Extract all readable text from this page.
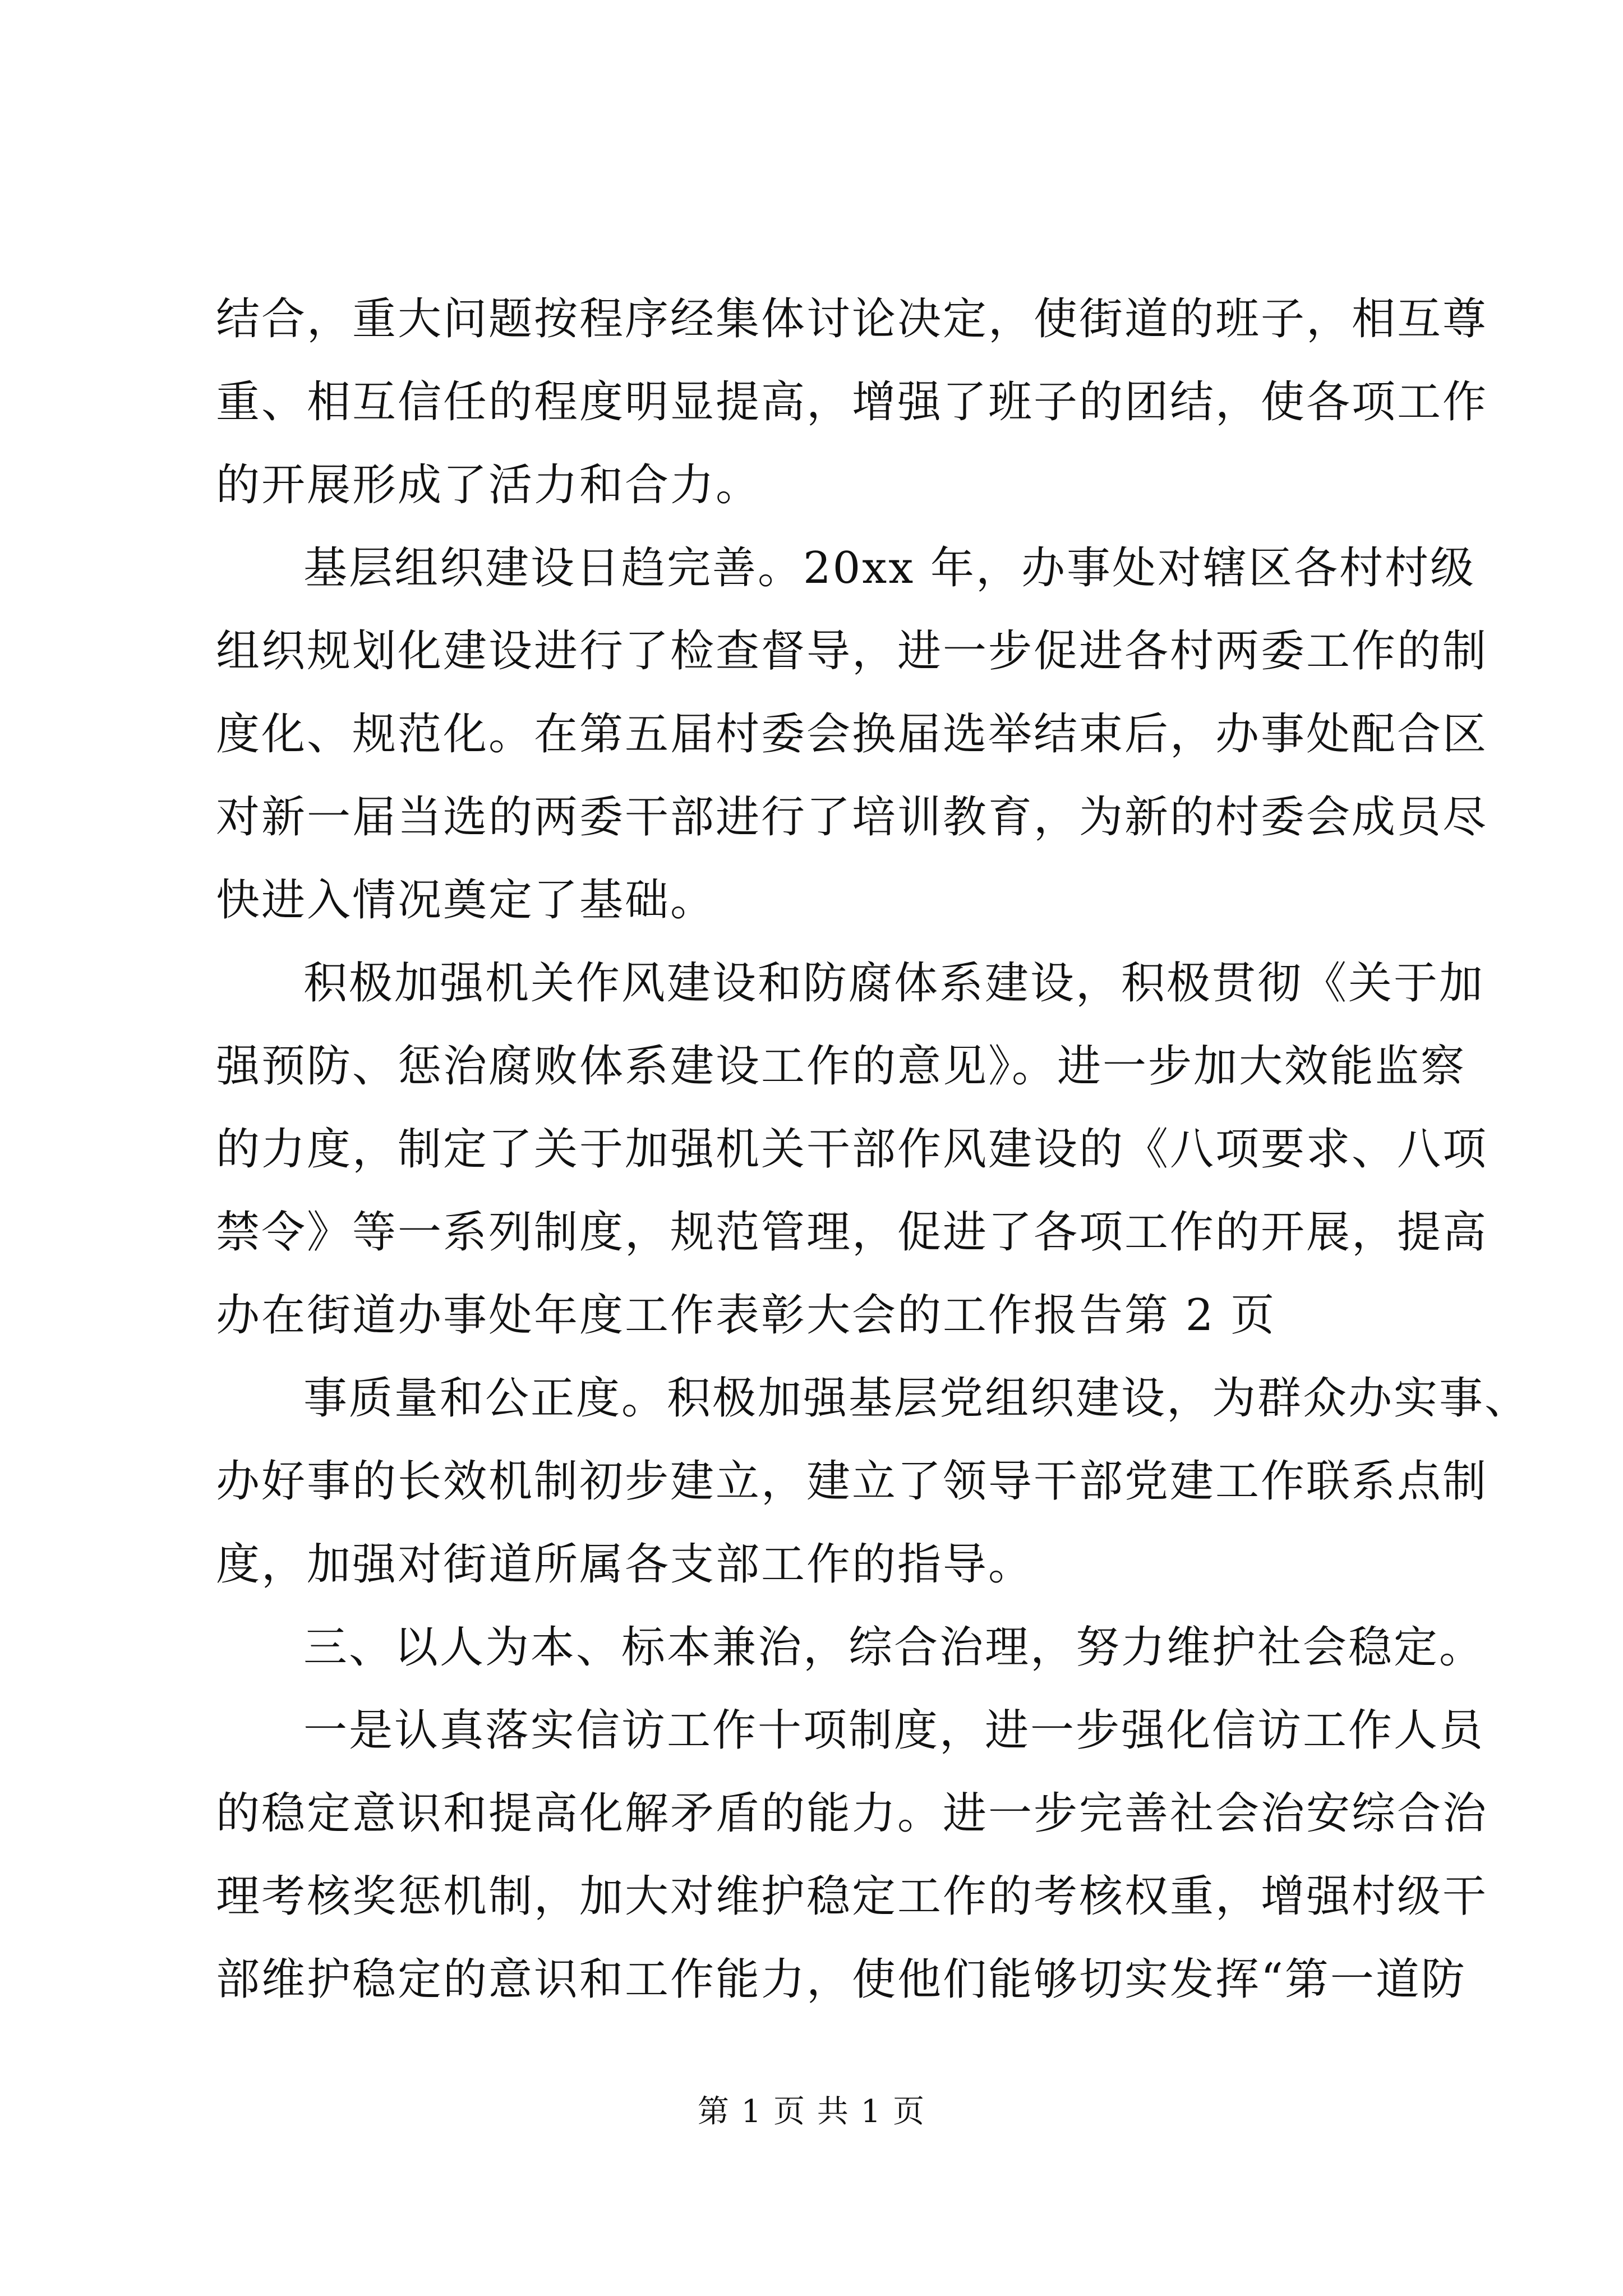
结合，重大问题按程序经集体讨论决定，使街道的班子，相互尊
重、相互信任的程度明显提高，增强了班子的团结，使各项工作
的开展形成了活力和合力。
基层组织建设日趋完善。20xx 年，办事处对辖区各村村级
组织规划化建设进行了检查督导，进一步促进各村两委工作的制
度化、规范化。在第五届村委会换届选举结束后，办事处配合区
对新一届当选的两委干部进行了培训教育，为新的村委会成员尽
快进入情况奠定了基础。
积极加强机关作风建设和防腐体系建设，积极贯彻《关于加
强预防、惩治腐败体系建设工作的意见》。进一步加大效能监察
的力度，制定了关于加强机关干部作风建设的《八项要求、八项
禁令》等一系列制度，规范管理，促进了各项工作的开展，提高
办在街道办事处年度工作表彰大会的工作报告第 2 页
事质量和公正度。积极加强基层党组织建设，为群众办实事、
办好事的长效机制初步建立，建立了领导干部党建工作联系点制
度，加强对街道所属各支部工作的指导。
三、以人为本、标本兼治，综合治理，努力维护社会稳定。
一是认真落实信访工作十项制度，进一步强化信访工作人员
的稳定意识和提高化解矛盾的能力。进一步完善社会治安综合治
理考核奖惩机制，加大对维护稳定工作的考核权重，增强村级干
部维护稳定的意识和工作能力，使他们能够切实发挥“第一道防
第 1 页 共 1 页
